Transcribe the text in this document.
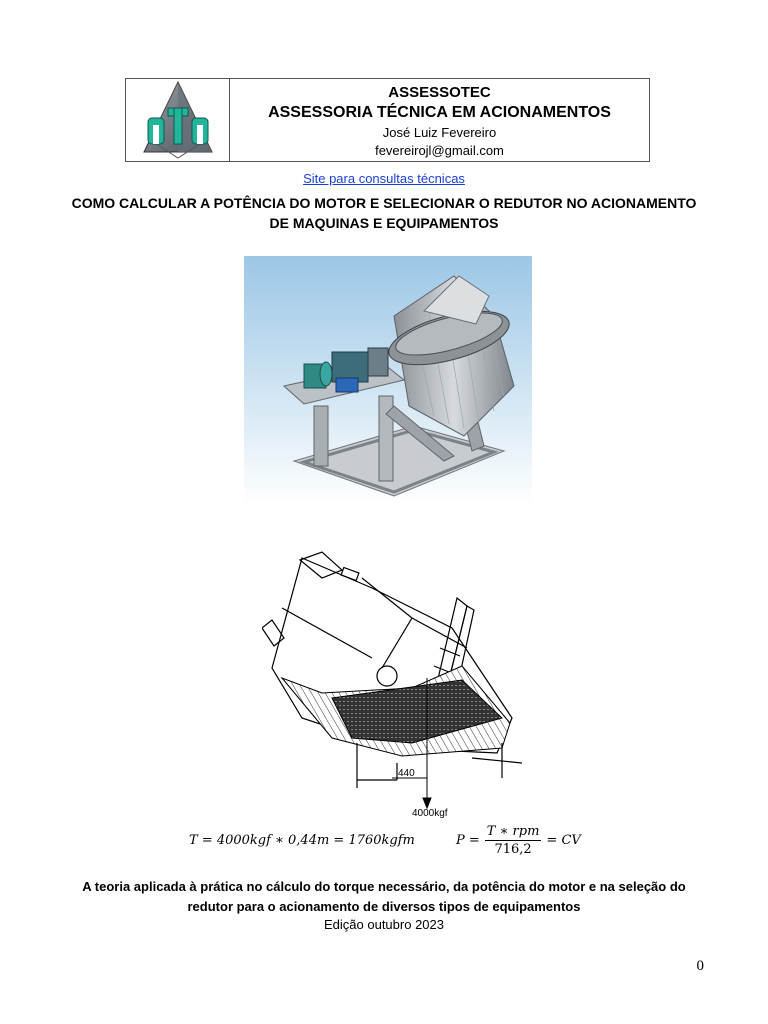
ASSESSOTEC
ASSESSORIA TÉCNICA EM ACIONAMENTOS
José Luiz Fevereiro
fevereirojl@gmail.com
Site para consultas técnicas
COMO CALCULAR A POTÊNCIA DO MOTOR E SELECIONAR O REDUTOR NO ACIONAMENTO DE MAQUINAS E EQUIPAMENTOS
440
4000kgf
T = 4000kgf ∗ 0,44m = 1760kgfm	$P = \frac{\text{T ∗ rpm}}{716,2}$ = CV
A teoria aplicada à prática no cálculo do torque necessário, da potência do motor e na seleção do redutor para o acionamento de diversos tipos de equipamentos
Edição outubro 2023
0
